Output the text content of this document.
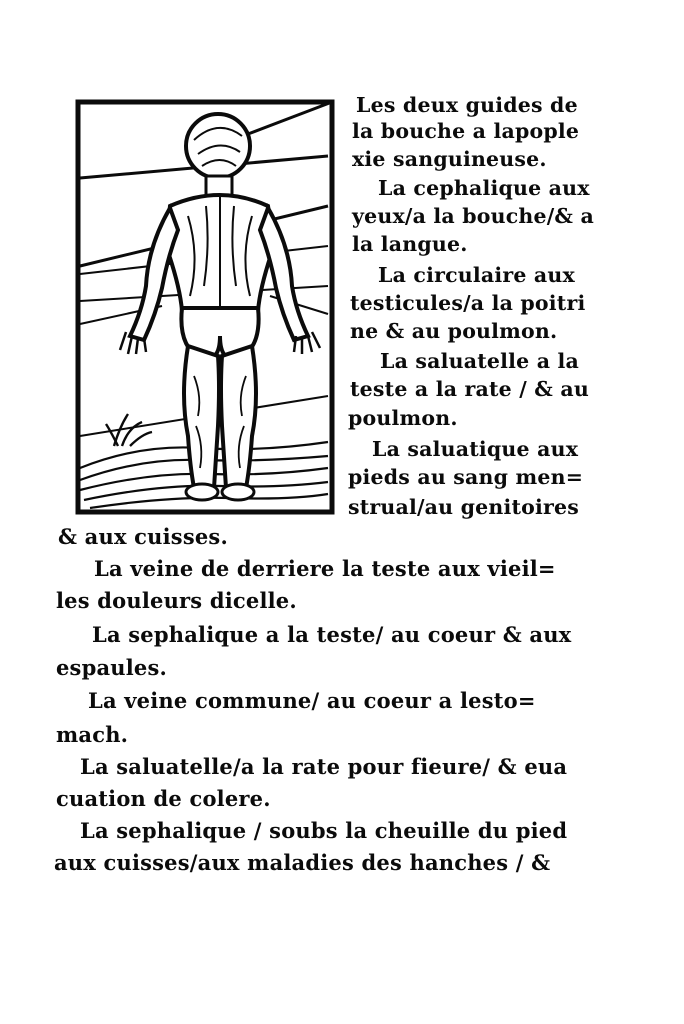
Les deux guides de
la bouche a lapople
xie sanguineuse.
La cephalique aux
yeux/a la bouche/& a
la langue.
La circulaire aux
testicules/a la poitri
ne & au poulmon.
La saluatelle a la
teste a la rate / & au
poulmon.
La saluatique aux
pieds au sang men=
strual/au genitoires
& aux cuisses.
La veine de derriere la teste aux vieil=
les douleurs dicelle.
La sephalique a la teste/ au coeur & aux
espaules.
La veine commune/ au coeur a lesto=
mach.
La saluatelle/a la rate pour fieure/ & eua
cuation de colere.
La sephalique / soubs la cheuille du pied
aux cuisses/aux maladies des hanches / &
